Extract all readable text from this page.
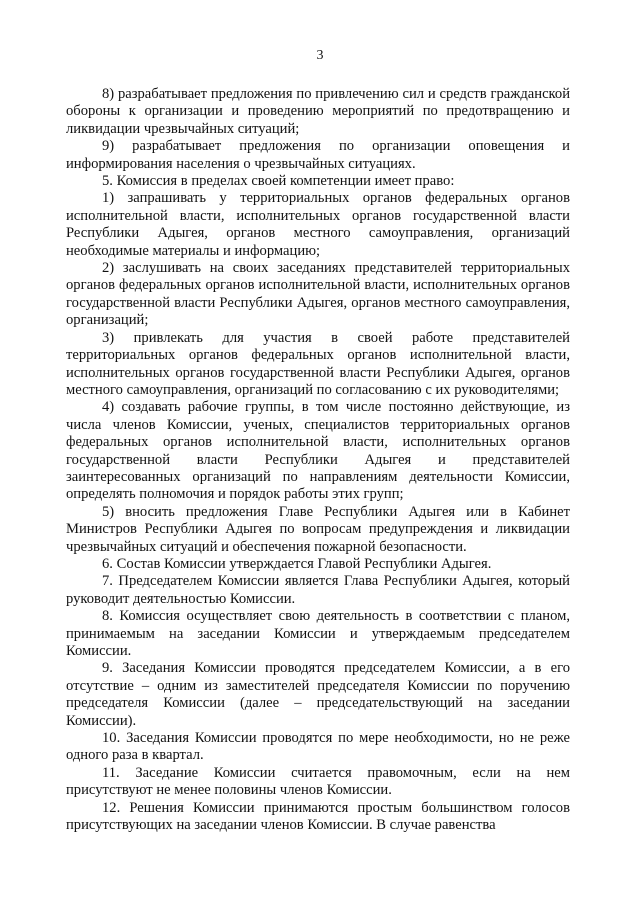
3

8) разрабатывает предложения по привлечению сил и средств гражданской обороны к организации и проведению мероприятий по предотвращению и ликвидации чрезвычайных ситуаций;

9) разрабатывает предложения по организации оповещения и информирования населения о чрезвычайных ситуациях.

5. Комиссия в пределах своей компетенции имеет право:

1) запрашивать у территориальных органов федеральных органов исполнительной власти, исполнительных органов государственной власти Республики Адыгея, органов местного самоуправления, организаций необходимые материалы и информацию;

2) заслушивать на своих заседаниях представителей территориальных органов федеральных органов исполнительной власти, исполнительных органов государственной власти Республики Адыгея, органов местного самоуправления, организаций;

3) привлекать для участия в своей работе представителей территориальных органов федеральных органов исполнительной власти, исполнительных органов государственной власти Республики Адыгея, органов местного самоуправления, организаций по согласованию с их руководителями;

4) создавать рабочие группы, в том числе постоянно действующие, из числа членов Комиссии, ученых, специалистов территориальных органов федеральных органов исполнительной власти, исполнительных органов государственной власти Республики Адыгея и представителей заинтересованных организаций по направлениям деятельности Комиссии, определять полномочия и порядок работы этих групп;

5) вносить предложения Главе Республики Адыгея или в Кабинет Министров Республики Адыгея по вопросам предупреждения и ликвидации чрезвычайных ситуаций и обеспечения пожарной безопасности.

6. Состав Комиссии утверждается Главой Республики Адыгея.

7. Председателем Комиссии является Глава Республики Адыгея, который руководит деятельностью Комиссии.

8. Комиссия осуществляет свою деятельность в соответствии с планом, принимаемым на заседании Комиссии и утверждаемым председателем Комиссии.

9. Заседания Комиссии проводятся председателем Комиссии, а в его отсутствие – одним из заместителей председателя Комиссии по поручению председателя Комиссии (далее – председательствующий на заседании Комиссии).

10. Заседания Комиссии проводятся по мере необходимости, но не реже одного раза в квартал.

11. Заседание Комиссии считается правомочным, если на нем присутствуют не менее половины членов Комиссии.

12. Решения Комиссии принимаются простым большинством голосов присутствующих на заседании членов Комиссии. В случае равенства
